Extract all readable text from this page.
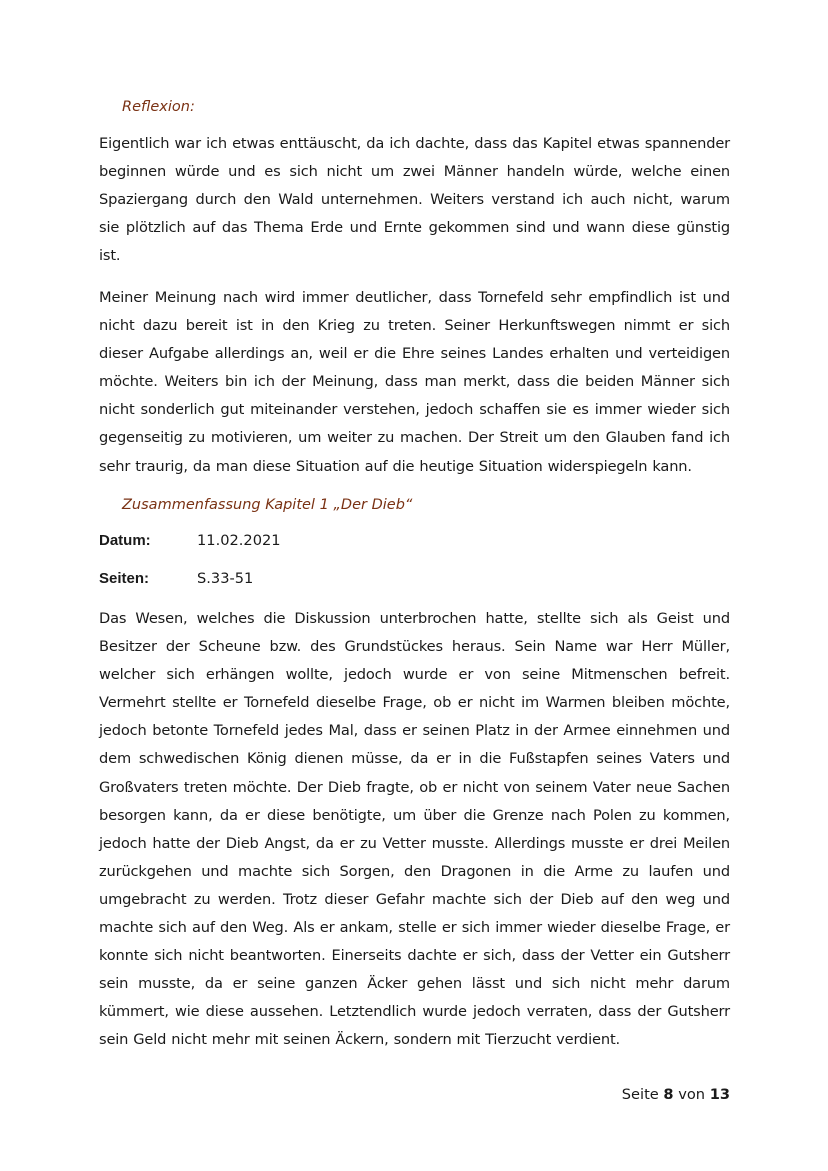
Reflexion:

Eigentlich war ich etwas enttäuscht, da ich dachte, dass das Kapitel etwas spannender beginnen würde und es sich nicht um zwei Männer handeln würde, welche einen Spaziergang durch den Wald unternehmen. Weiters verstand ich auch nicht, warum sie plötzlich auf das Thema Erde und Ernte gekommen sind und wann diese günstig ist.

Meiner Meinung nach wird immer deutlicher, dass Tornefeld sehr empfindlich ist und nicht dazu bereit ist in den Krieg zu treten. Seiner Herkunftswegen nimmt er sich dieser Aufgabe allerdings an, weil er die Ehre seines Landes erhalten und verteidigen möchte. Weiters bin ich der Meinung, dass man merkt, dass die beiden Männer sich nicht sonderlich gut miteinander verstehen, jedoch schaffen sie es immer wieder sich gegenseitig zu motivieren, um weiter zu machen. Der Streit um den Glauben fand ich sehr traurig, da man diese Situation auf die heutige Situation widerspiegeln kann.

Zusammenfassung Kapitel 1 „Der Dieb“
Datum:	11.02.2021
Seiten:	S.33-51

Das Wesen, welches die Diskussion unterbrochen hatte, stellte sich als Geist und Besitzer der Scheune bzw. des Grundstückes heraus. Sein Name war Herr Müller, welcher sich erhängen wollte, jedoch wurde er von seine Mitmenschen befreit. Vermehrt stellte er Tornefeld dieselbe Frage, ob er nicht im Warmen bleiben möchte, jedoch betonte Tornefeld jedes Mal, dass er seinen Platz in der Armee einnehmen und dem schwedischen König dienen müsse, da er in die Fußstapfen seines Vaters und Großvaters treten möchte. Der Dieb fragte, ob er nicht von seinem Vater neue Sachen besorgen kann, da er diese benötigte, um über die Grenze nach Polen zu kommen, jedoch hatte der Dieb Angst, da er zu Vetter musste. Allerdings musste er drei Meilen zurückgehen und machte sich Sorgen, den Dragonen in die Arme zu laufen und umgebracht zu werden. Trotz dieser Gefahr machte sich der Dieb auf den weg und machte sich auf den Weg. Als er ankam, stelle er sich immer wieder dieselbe Frage, er konnte sich nicht beantworten. Einerseits dachte er sich, dass der Vetter ein Gutsherr sein musste, da er seine ganzen Äcker gehen lässt und sich nicht mehr darum kümmert, wie diese aussehen. Letztendlich wurde jedoch verraten, dass der Gutsherr sein Geld nicht mehr mit seinen Äckern, sondern mit Tierzucht verdient.

Seite 8 von 13
